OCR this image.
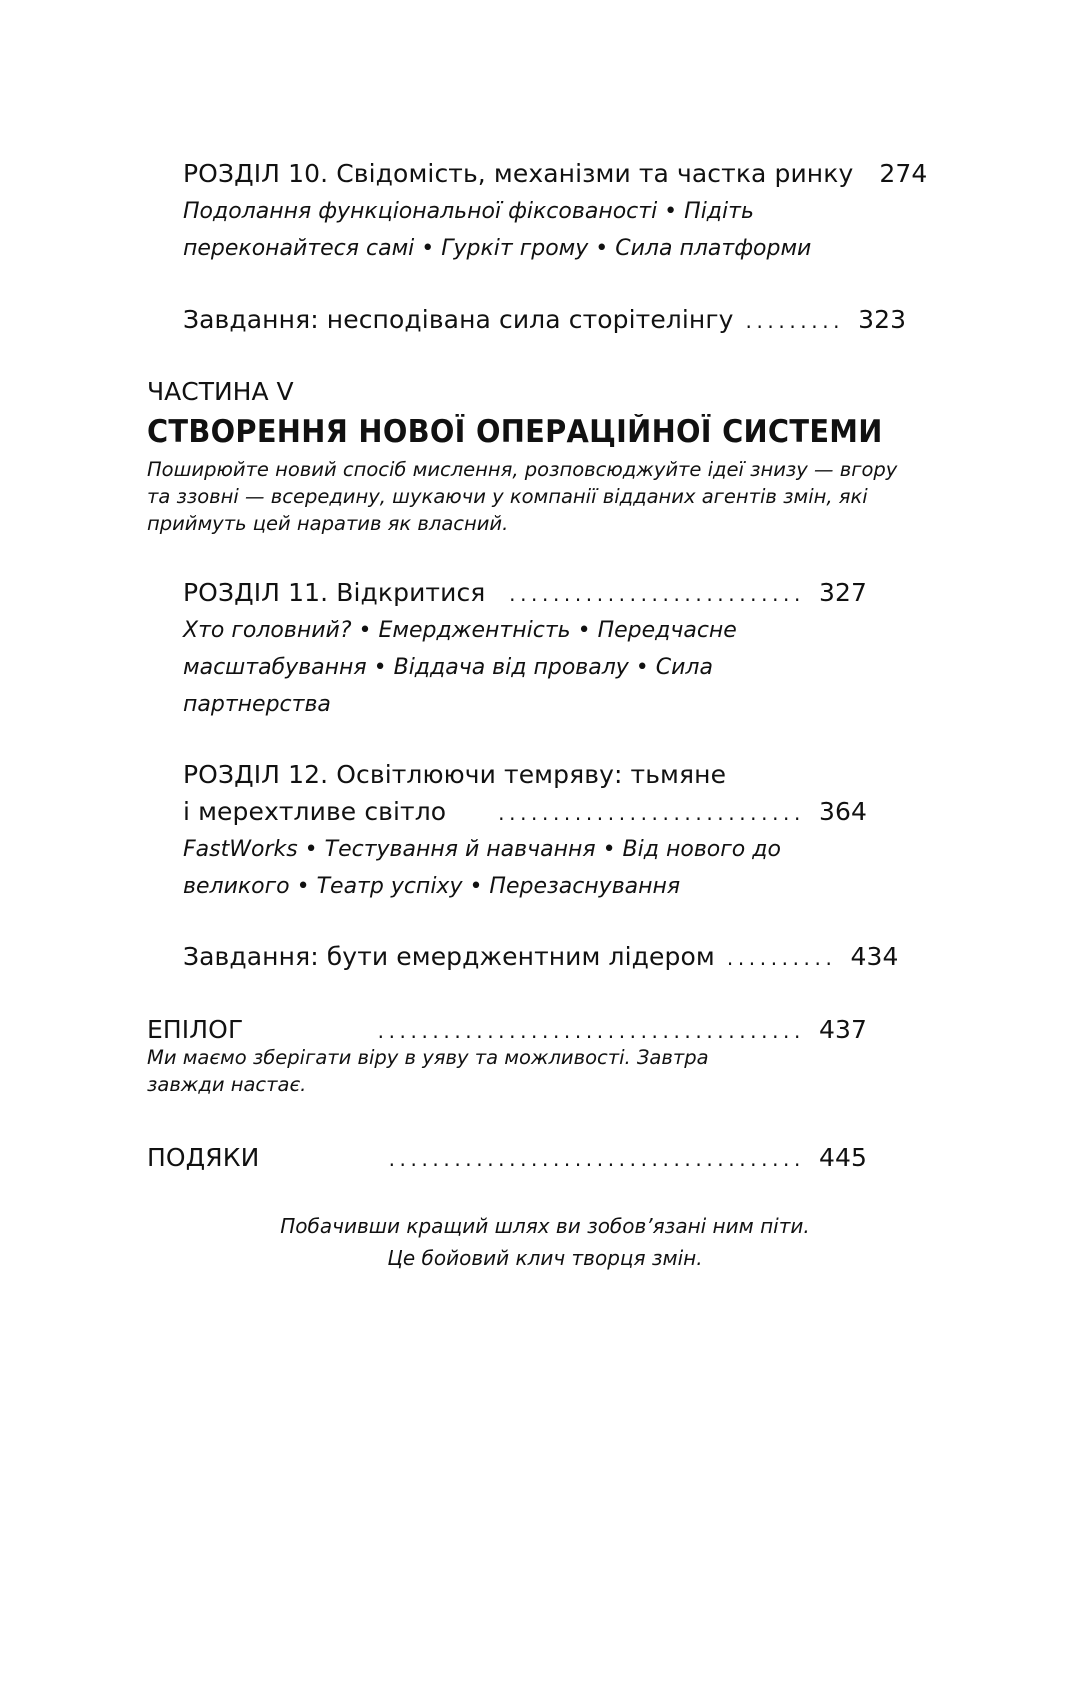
РОЗДІЛ 10. Свідомість, механізми та частка ринку 274
Подолання функціональної фіксованості • Підіть
переконайтеся самі • Гуркіт грому • Сила платформи
Завдання: несподівана сила сторітелінгу ......... 323
ЧАСТИНА V
СТВОРЕННЯ НОВОЇ ОПЕРАЦІЙНОЇ СИСТЕМИ
Поширюйте новий спосіб мислення, розповсюджуйте ідеї знизу — вгору
та ззовні — всередину, шукаючи у компанії відданих агентів змін, які
приймуть цей наратив як власний.
РОЗДІЛ 11. Відкритися	........................... 327
Хто головний? • Емерджентність • Передчасне
масштабування • Віддача від провалу • Сила
партнерства
РОЗДІЛ 12. Освітлюючи темряву: тьмяне
і мерехтливе світло	............................ 364
FastWorks • Тестування й навчання • Від нового до
великого • Театр успіху • Перезаснування
Завдання: бути емерджентним лідером .......... 434
ЕПІЛОГ	....................................... 437
Ми маємо зберігати віру в уяву та можливості. Завтра
завжди настає.
ПОДЯКИ	...................................... 445
Побачивши кращий шлях ви зобов’язані ним піти.
Це бойовий клич творця змін.
